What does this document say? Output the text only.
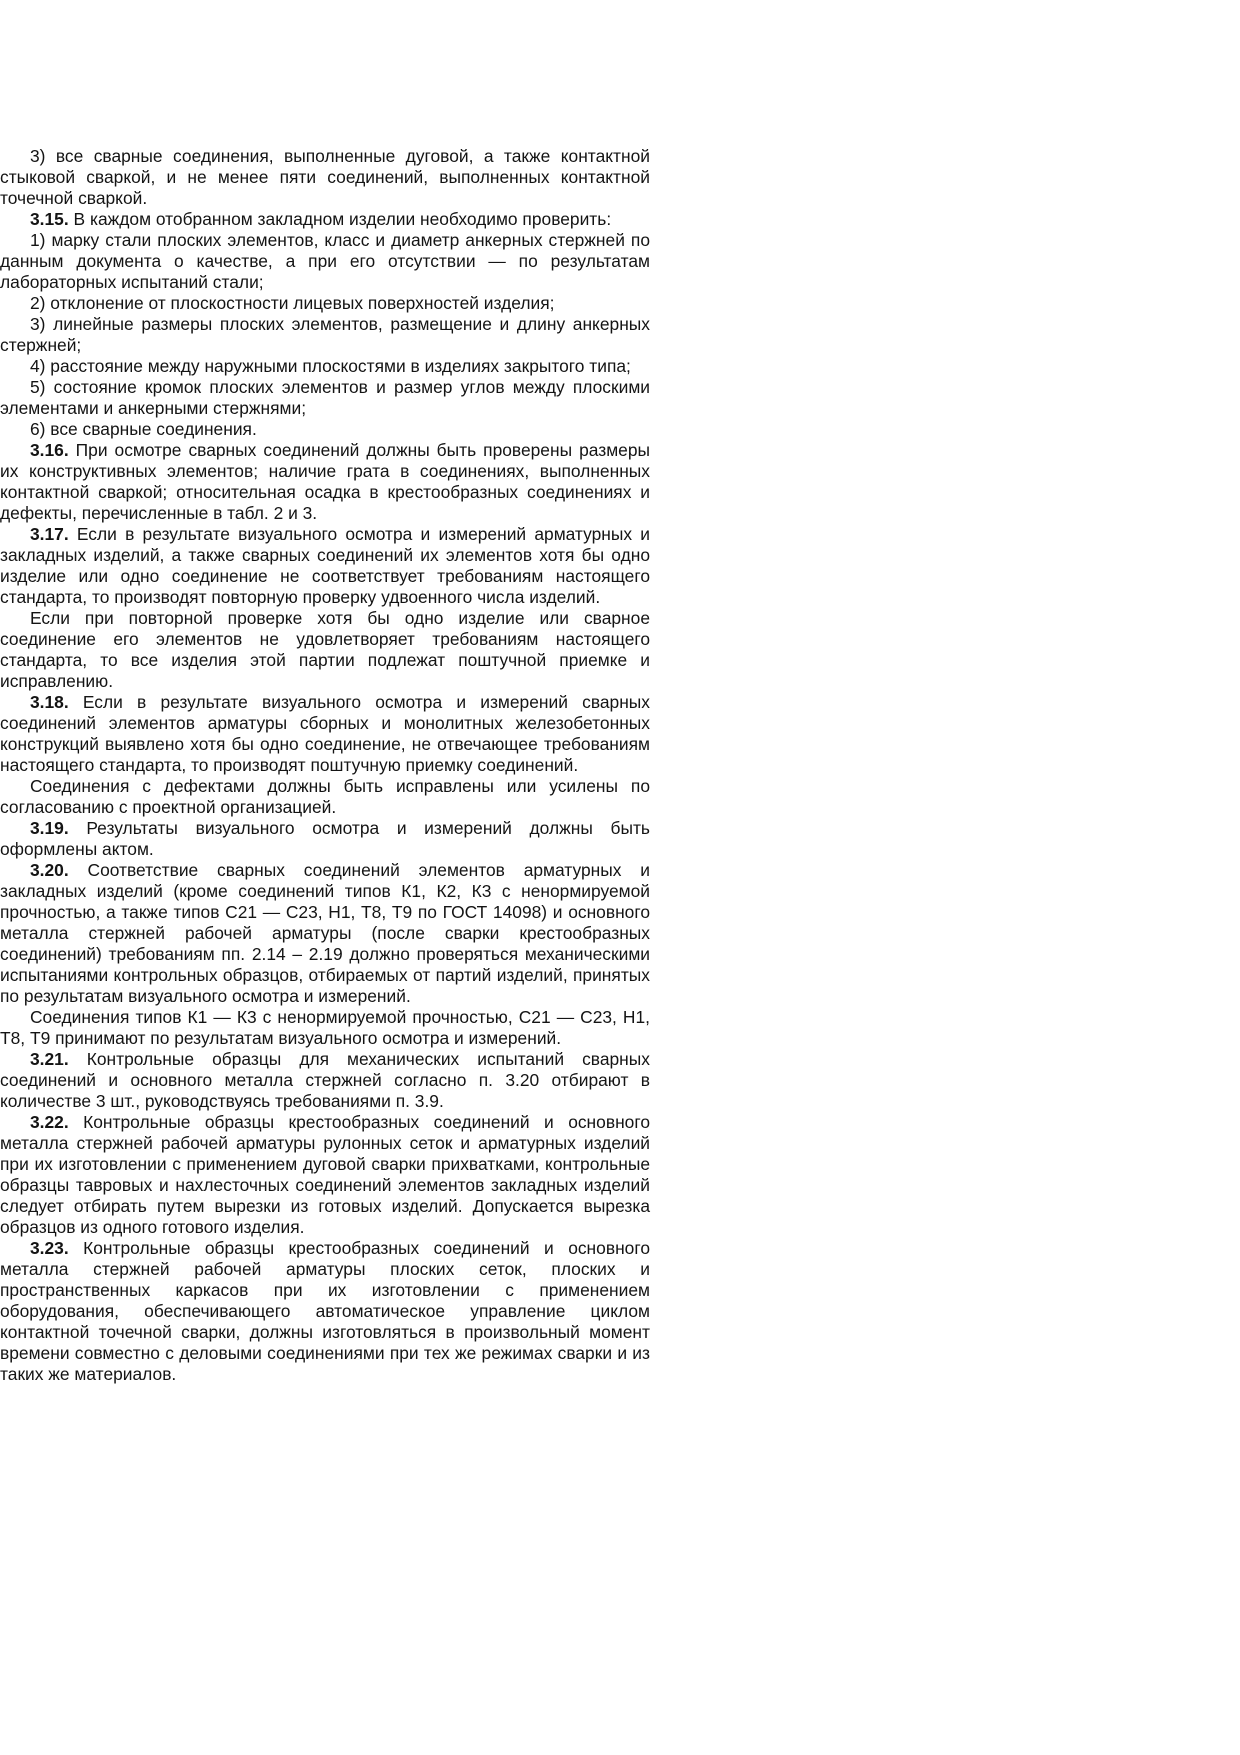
3) все сварные соединения, выполненные дуговой, а также контактной стыковой сваркой, и не менее пяти соединений, выполненных контактной точечной сваркой.

3.15. В каждом отобранном закладном изделии необходимо проверить:

1) марку стали плоских элементов, класс и диаметр анкерных стержней по данным документа о качестве, а при его отсутствии — по результатам лабораторных испытаний стали;

2) отклонение от плоскостности лицевых поверхностей изделия;

3) линейные размеры плоских элементов, размещение и длину анкерных стержней;

4) расстояние между наружными плоскостями в изделиях закрытого типа;

5) состояние кромок плоских элементов и размер углов между плоскими элементами и анкерными стержнями;

6) все сварные соединения.

3.16. При осмотре сварных соединений должны быть проверены размеры их конструктивных элементов; наличие грата в соединениях, выполненных контактной сваркой; относительная осадка в крестообразных соединениях и дефекты, перечисленные в табл. 2 и 3.

3.17. Если в результате визуального осмотра и измерений арматурных и закладных изделий, а также сварных соединений их элементов хотя бы одно изделие или одно соединение не соответствует требованиям настоящего стандарта, то производят повторную проверку удвоенного числа изделий.

Если при повторной проверке хотя бы одно изделие или сварное соединение его элементов не удовлетворяет требованиям настоящего стандарта, то все изделия этой партии подлежат поштучной приемке и исправлению.

3.18. Если в результате визуального осмотра и измерений сварных соединений элементов арматуры сборных и монолитных железобетонных конструкций выявлено хотя бы одно соединение, не отвечающее требованиям настоящего стандарта, то производят поштучную приемку соединений.

Соединения с дефектами должны быть исправлены или усилены по согласованию с проектной организацией.

3.19. Результаты визуального осмотра и измерений должны быть оформлены актом.

3.20. Соответствие сварных соединений элементов арматурных и закладных изделий (кроме соединений типов К1, К2, К3 с ненормируемой прочностью, а также типов С21 — С23, Н1, Т8, Т9 по ГОСТ 14098) и основного металла стержней рабочей арматуры (после сварки крестообразных соединений) требованиям пп. 2.14 – 2.19 должно проверяться механическими испытаниями контрольных образцов, отбираемых от партий изделий, принятых по результатам визуального осмотра и измерений.

Соединения типов К1 — К3 с ненормируемой прочностью, С21 — С23, Н1, Т8, Т9 принимают по результатам визуального осмотра и измерений.

3.21. Контрольные образцы для механических испытаний сварных соединений и основного металла стержней согласно п. 3.20 отбирают в количестве 3 шт., руководствуясь требованиями п. 3.9.

3.22. Контрольные образцы крестообразных соединений и основного металла стержней рабочей арматуры рулонных сеток и арматурных изделий при их изготовлении с применением дуговой сварки прихватками, контрольные образцы тавровых и нахлесточных соединений элементов закладных изделий следует отбирать путем вырезки из готовых изделий. Допускается вырезка образцов из одного готового изделия.

3.23. Контрольные образцы крестообразных соединений и основного металла стержней рабочей арматуры плоских сеток, плоских и пространственных каркасов при их изготовлении с применением оборудования, обеспечивающего автоматическое управление циклом контактной точечной сварки, должны изготовляться в произвольный момент времени совместно с деловыми соединениями при тех же режимах сварки и из таких же материалов.
